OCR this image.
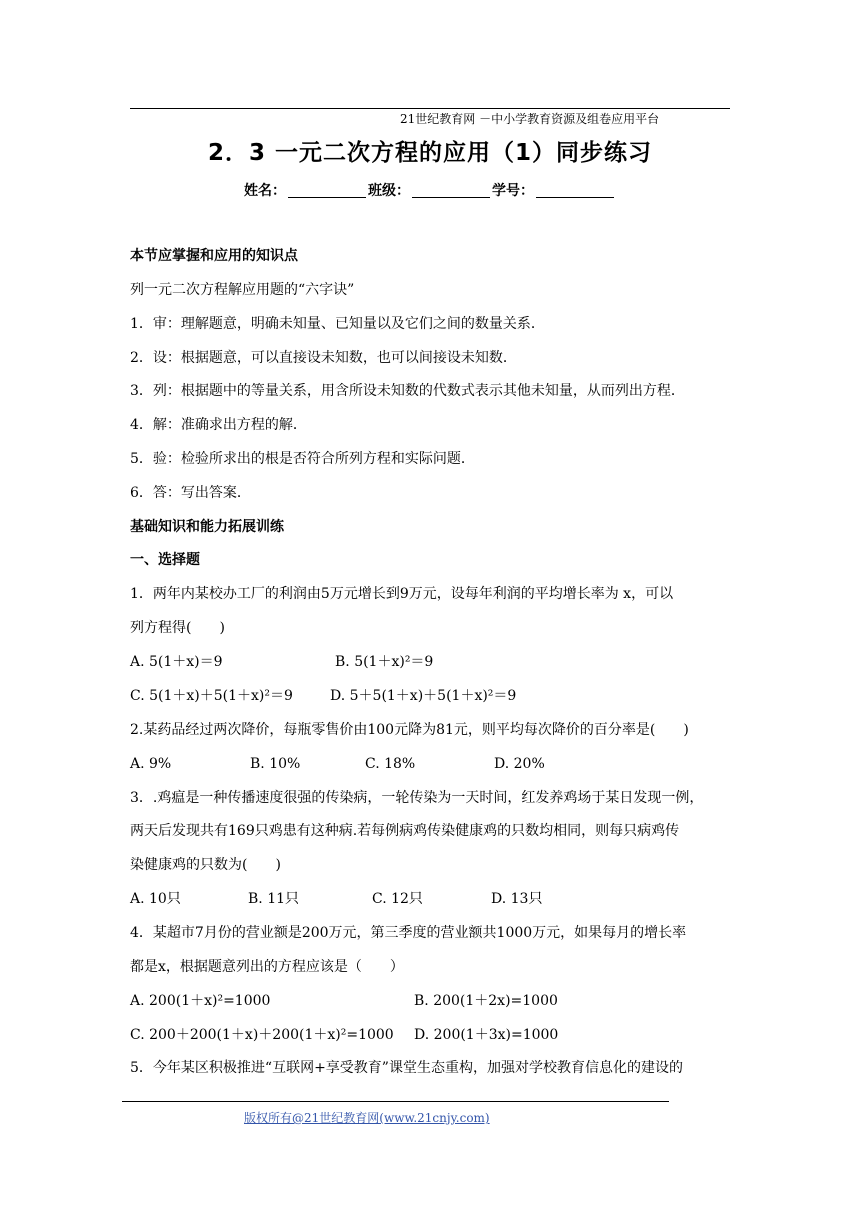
21世纪教育网 －中小学教育资源及组卷应用平台
2．3 一元二次方程的应用（1）同步练习
姓名：	班级：	学号：
本节应掌握和应用的知识点
列一元二次方程解应用题的“六字诀”
1．审：理解题意，明确未知量、已知量以及它们之间的数量关系．
2．设：根据题意，可以直接设未知数，也可以间接设未知数．
3．列：根据题中的等量关系，用含所设未知数的代数式表示其他未知量，从而列出方程．
4．解：准确求出方程的解．
5．验：检验所求出的根是否符合所列方程和实际问题．
6．答：写出答案．
基础知识和能力拓展训练
一、选择题
1．两年内某校办工厂的利润由5万元增长到9万元，设每年利润的平均增长率为 x，可以
列方程得(　　)
A. 5(1＋x)＝9	B. 5(1＋x)²＝9
C. 5(1＋x)＋5(1＋x)²＝9	D. 5＋5(1＋x)＋5(1＋x)²＝9
2.某药品经过两次降价，每瓶零售价由100元降为81元，则平均每次降价的百分率是(　　)
A. 9%	B. 10%	C. 18%	D. 20%
3．.鸡瘟是一种传播速度很强的传染病，一轮传染为一天时间，红发养鸡场于某日发现一例，
两天后发现共有169只鸡患有这种病.若每例病鸡传染健康鸡的只数均相同，则每只病鸡传
染健康鸡的只数为(　　)
A. 10只	B. 11只	C. 12只	D. 13只
4．某超市7月份的营业额是200万元，第三季度的营业额共1000万元，如果每月的增长率
都是x，根据题意列出的方程应该是（　　）
A. 200(1＋x)²=1000	B. 200(1＋2x)=1000
C. 200＋200(1＋x)＋200(1＋x)²=1000 D. 200(1＋3x)=1000
5．今年某区积极推进“互联网+享受教育”课堂生态重构，加强对学校教育信息化的建设的
版权所有@21世纪教育网(www.21cnjy.com)
